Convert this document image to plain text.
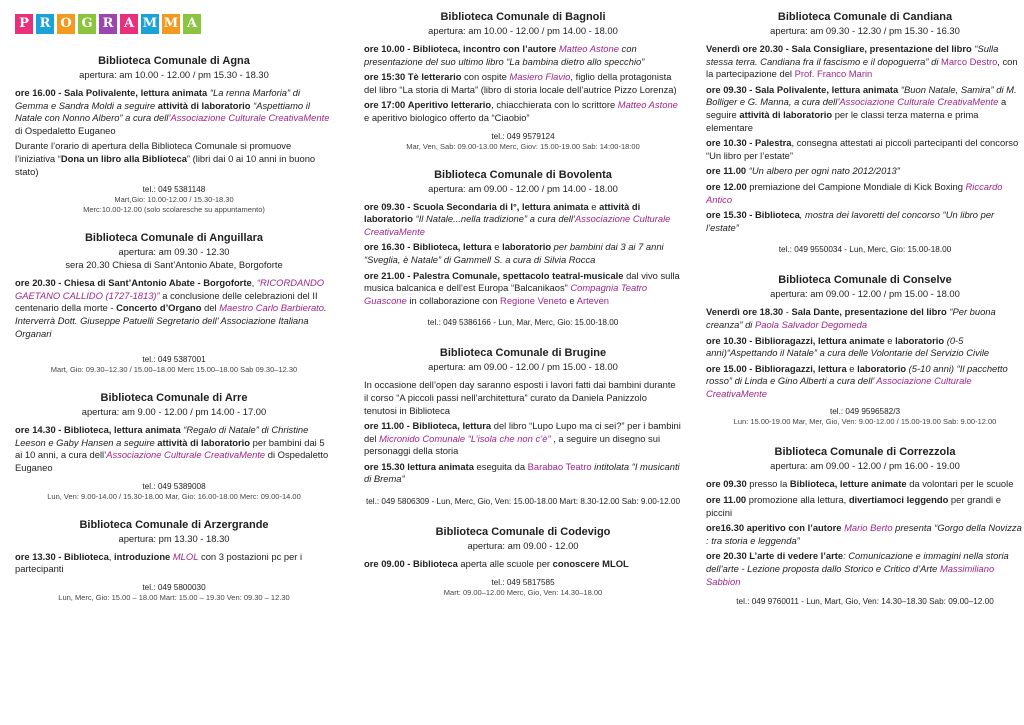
P R O G R A M M A
Biblioteca Comunale di Agna
apertura: am 10.00 - 12.00 / pm 15.30 - 18.30
ore 16.00 - Sala Polivalente, lettura animata “La renna Marforia” di Gemma e Sandra Moldi a seguire attività di laboratorio “Aspettiamo il Natale con Nonno Albero” a cura dell’Associazione Culturale CreativaMente di Ospedaletto Euganeo
Durante l’orario di apertura della Biblioteca Comunale si promuove l’iniziativa “Dona un libro alla Biblioteca” (libri dai 0 ai 10 anni in buono stato)
tel.: 049 5381148
Mart,Gio: 10.00-12.00 / 15.30-18.30
Merc:10.00-12.00 (solo scolaresche su appuntamento)
Biblioteca Comunale di Anguillara
apertura: am 09.30 - 12.30
sera 20.30 Chiesa di Sant’Antonio Abate, Borgoforte
ore 20.30 - Chiesa di Sant’Antonio Abate - Borgoforte, “RICORDANDO GAETANO CALLIDO (1727-1813)” a conclusione delle celebrazioni del II centenario della morte - Concerto d’Organo del Maestro Carlo Barbierato. Interverrà Dott. Giuseppe Patuelli Segretario dell’ Associazione Italiana Organari
tel.: 049 5387001
Mart, Gio: 09.30–12.30 / 15.00–18.00 Merc 15.00–18.00 Sab 09.30–12.30
Biblioteca Comunale di Arre
apertura: am 9.00 - 12.00 / pm 14.00 - 17.00
ore 14.30 - Biblioteca, lettura animata “Regalo di Natale” di Christine Leeson e Gaby Hansen a seguire attività di laboratorio per bambini dai 5 ai 10 anni, a cura dell’Associazione Culturale CreativaMente di Ospedaletto Euganeo
tel.: 049 5389008
Lun, Ven: 9.00-14.00 / 15.30-18.00 Mar, Gio: 16.00-18.00 Merc: 09.00-14.00
Biblioteca Comunale di Arzergrande
apertura: pm 13.30 - 18.30
ore 13.30 - Biblioteca, introduzione MLOL con 3 postazioni pc per i partecipanti
tel.: 049 5800030
Lun, Merc, Gio: 15.00 – 18.00 Mart: 15.00 – 19.30 Ven: 09.30 – 12.30
Biblioteca Comunale di Bagnoli
apertura: am 10.00 - 12.00 / pm 14.00 - 18.00
ore 10.00 - Biblioteca, incontro con l’autore Matteo Astone con presentazione del suo ultimo libro “La bambina dietro allo specchio”
ore 15:30 Tè letterario con ospite Masiero Flavio, figlio della protagonista del libro “La storia di Marta” (libro di storia locale dell’autrice Pizzo Lorenza)
ore 17:00 Aperitivo letterario, chiacchierata con lo scrittore Matteo Astone e aperitivo biologico offerto da “Ciaobio”
tel.: 049 9579124
Mar, Ven, Sab: 09.00-13.00 Merc, Giov: 15.00-19.00 Sab: 14:00-18:00
Biblioteca Comunale di Bovolenta
apertura: am 09.00 - 12.00 / pm 14.00 - 18.00
ore 09.30 - Scuola Secondaria di I°, lettura animata e attività di laboratorio “Il Natale...nella tradizione” a cura dell’Associazione Culturale CreativaMente
ore 16.30 - Biblioteca, lettura e laboratorio per bambini dai 3 ai 7 anni “Sveglia, è Natale” di Gammell S. a cura di Silvia Rocca
ore 21.00 - Palestra Comunale, spettacolo teatral-musicale dal vivo sulla musica balcanica e dell’est Europa “Balcanikaos” Compagnia Teatro Guascone in collaborazione con Regione Veneto e Arteven
tel.: 049 5386166 - Lun, Mar, Merc, Gio: 15.00-18.00
Biblioteca Comunale di Brugine
apertura: am 09.00 - 12.00 / pm 15.00 - 18.00
In occasione dell’open day saranno esposti i lavori fatti dai bambini durante il corso “A piccoli passi nell’architettura” curato da Daniela Panizzolo tenutosi in Biblioteca
ore 11.00 - Biblioteca, lettura del libro “Lupo Lupo ma ci sei?” per i bambini del Micronido Comunale “L’isola che non c’è” , a seguire un disegno sui personaggi della storia
ore 15.30 lettura animata eseguita da Barabao Teatro intitolata “I musicanti di Brema”
tel.: 049 5806309 - Lun, Merc, Gio, Ven: 15.00-18.00 Mart: 8.30-12.00 Sab: 9.00-12.00
Biblioteca Comunale di Codevigo
apertura: am 09.00 - 12.00
ore 09.00 - Biblioteca aperta alle scuole per conoscere MLOL
tel.: 049 5817585
Mart: 09.00–12.00 Merc, Gio, Ven: 14.30–18.00
Biblioteca Comunale di Candiana
apertura: am 09.30 - 12.30 / pm 15.30 - 16.30
Venerdì ore 20.30 - Sala Consigliare, presentazione del libro “Sulla stessa terra. Candiana fra il fascismo e il dopoguerra” di Marco Destro, con la partecipazione del Prof. Franco Marin
ore 09.30 - Sala Polivalente, lettura animata “Buon Natale, Samira” di M. Bolliger e G. Manna, a cura dell’Associazione Culturale CreativaMente a seguire attività di laboratorio per le classi terza materna e prima elementare
ore 10.30 - Palestra, consegna attestati ai piccoli partecipanti del concorso “Un libro per l’estate”
ore 11.00 “Un albero per ogni nato 2012/2013”
ore 12.00 premiazione del Campione Mondiale di Kick Boxing Riccardo Antico
ore 15.30 - Biblioteca, mostra dei lavoretti del concorso “Un libro per l’estate”
tel.: 049 9550034 - Lun, Merc, Gio: 15.00-18.00
Biblioteca Comunale di Conselve
apertura: am 09.00 - 12.00 / pm 15.00 - 18.00
Venerdì ore 18.30 - Sala Dante, presentazione del libro “Per buona creanza” di Paola Salvador Degomeda
ore 10.30 - Biblioragazzi, lettura animate e laboratorio (0-5 anni)“Aspettando il Natale” a cura delle Volontarie del Servizio Civile
ore 15.00 - Biblioragazzi, lettura e laboratorio (5-10 anni) “Il pacchetto rosso” di Linda e Gino Alberti a cura dell’ Associazione Culturale CreativaMente
tel.: 049 9596582/3
Lun: 15.00-19.00 Mar, Mer, Gio, Ven: 9.00-12.00 / 15.00-19.00 Sab: 9.00-12.00
Biblioteca Comunale di Correzzola
apertura: am 09.00 - 12.00 / pm 16.00 - 19.00
ore 09.30 presso la Biblioteca, letture animate da volontari per le scuole
ore 11.00 promozione alla lettura, divertiamoci leggendo per grandi e piccini
ore16.30 aperitivo con l’autore Mario Berto presenta “Gorgo della Novizza : tra storia e leggenda”
ore 20.30 L’arte di vedere l’arte: Comunicazione e immagini nella storia dell’arte - Lezione proposta dallo Storico e Critico d’Arte Massimiliano Sabbion
tel.: 049 9760011 - Lun, Mart, Gio, Ven: 14.30–18.30 Sab: 09.00–12.00
